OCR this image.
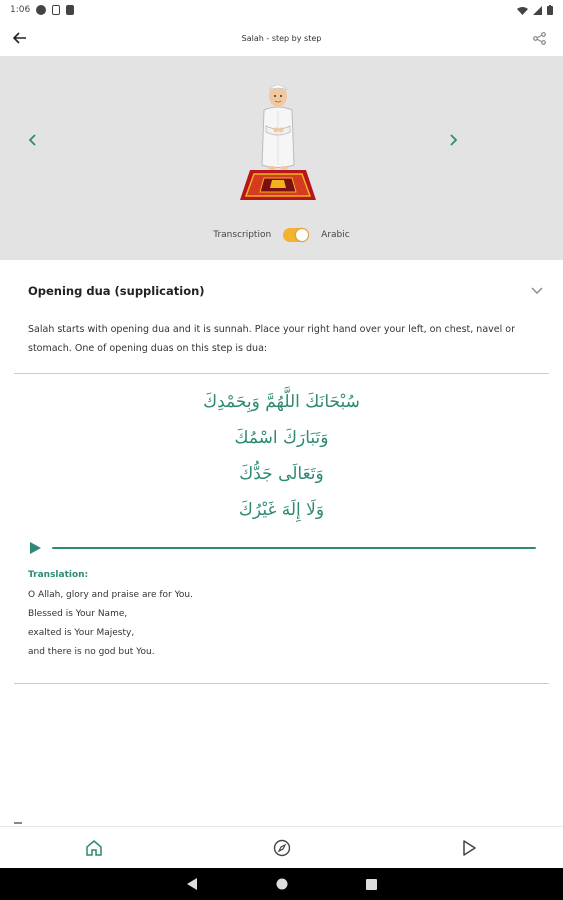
1:06
Salah - step by step
Transcription	Arabic
Opening dua (supplication)

Salah starts with opening dua and it is sunnah. Place your right hand over your left, on chest, navel or stomach. One of opening duas on this step is dua:

سُبْحَانَكَ اللَّهُمَّ وَبِحَمْدِكَ
وَتَبَارَكَ اسْمُكَ
وَتَعَالَى جَدُّكَ
وَلَا إِلَهَ غَيْرُكَ
Translation:
O Allah, glory and praise are for You.
Blessed is Your Name,
exalted is Your Majesty,
and there is no god but You.
